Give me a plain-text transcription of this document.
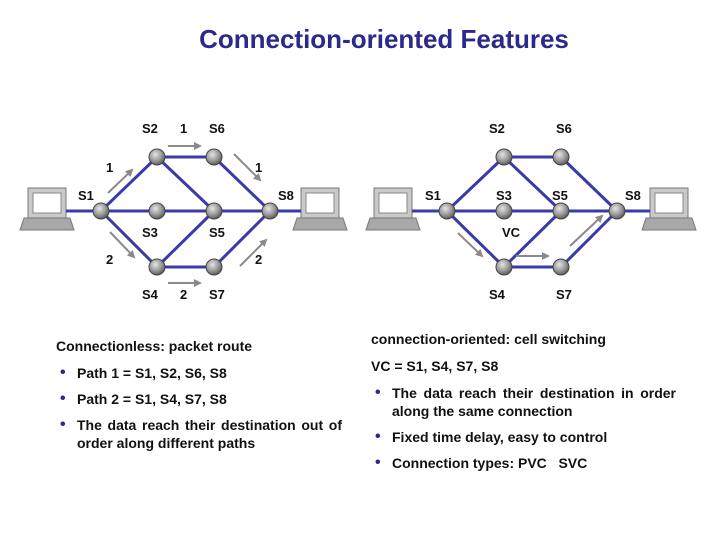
Connection-oriented Features
S1
S2
S3
S4
S5
S6
S7
S8
1
1
1
2
2
2
S1
S2
S3
S4
S5
S6
S7
S8
VC
Connectionless: packet route
• Path 1 = S1, S2, S6, S8
• Path 2 = S1, S4, S7, S8
• The data reach their destination out of order along different paths
connection-oriented: cell switching
VC = S1, S4, S7, S8
• The data reach their destination in order along the same connection
• Fixed time delay, easy to control
• Connection types: PVC   SVC
